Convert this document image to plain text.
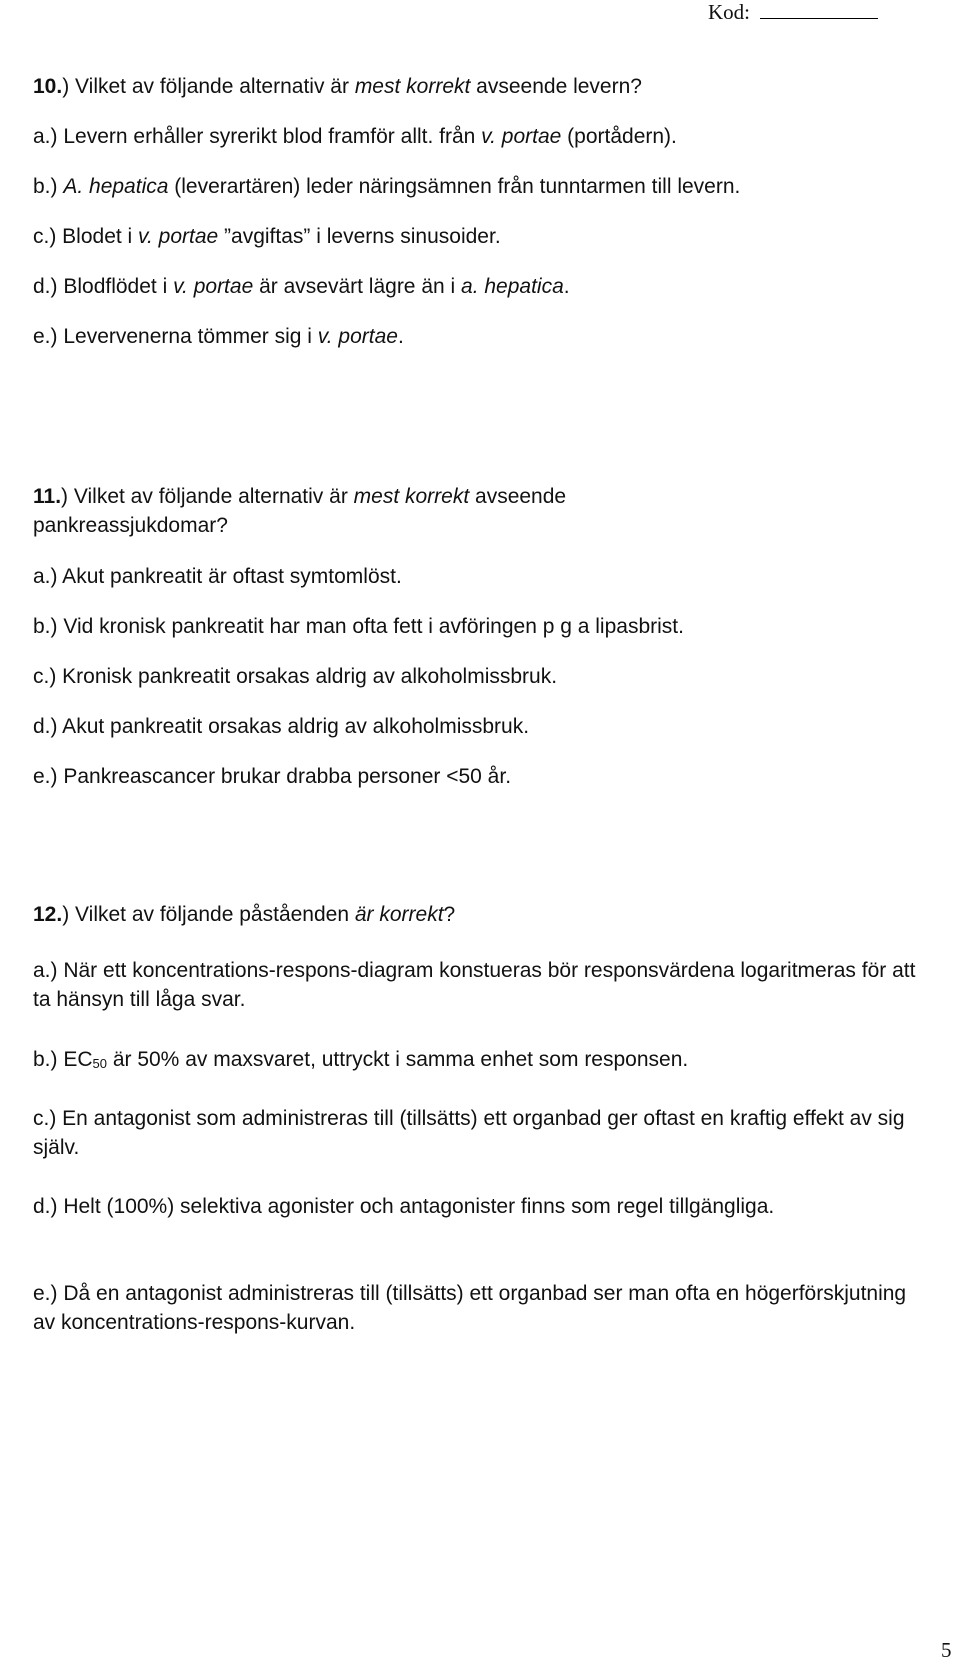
Kod:
10.) Vilket av följande alternativ är mest korrekt avseende levern?
a.) Levern erhåller syrerikt blod framför allt. från v. portae (portådern).
b.) A. hepatica (leverartären) leder näringsämnen från tunntarmen till levern.
c.) Blodet i v. portae ”avgiftas” i leverns sinusoider.
d.) Blodflödet i v. portae är avsevärt lägre än i a. hepatica.
e.) Levervenerna tömmer sig i v. portae.
11.) Vilket av följande alternativ är mest korrekt avseende
pankreassjukdomar?
a.) Akut pankreatit är oftast symtomlöst.
b.) Vid kronisk pankreatit har man ofta fett i avföringen p g a lipasbrist.
c.) Kronisk pankreatit orsakas aldrig av alkoholmissbruk.
d.) Akut pankreatit orsakas aldrig av alkoholmissbruk.
e.) Pankreascancer brukar drabba personer <50 år.
12.) Vilket av följande påståenden är korrekt?
a.) När ett koncentrations-respons-diagram konstueras bör responsvärdena logaritmeras för att ta hänsyn till låga svar.
b.) $EC_{50}$ är 50% av maxsvaret, uttryckt i samma enhet som responsen.
c.) En antagonist som administreras till (tillsätts) ett organbad ger oftast en kraftig effekt av sig själv.
d.) Helt (100%) selektiva agonister och antagonister finns som regel tillgängliga.
e.) Då en antagonist administreras till (tillsätts) ett organbad ser man ofta en högerförskjutning av koncentrations-respons-kurvan.
5
